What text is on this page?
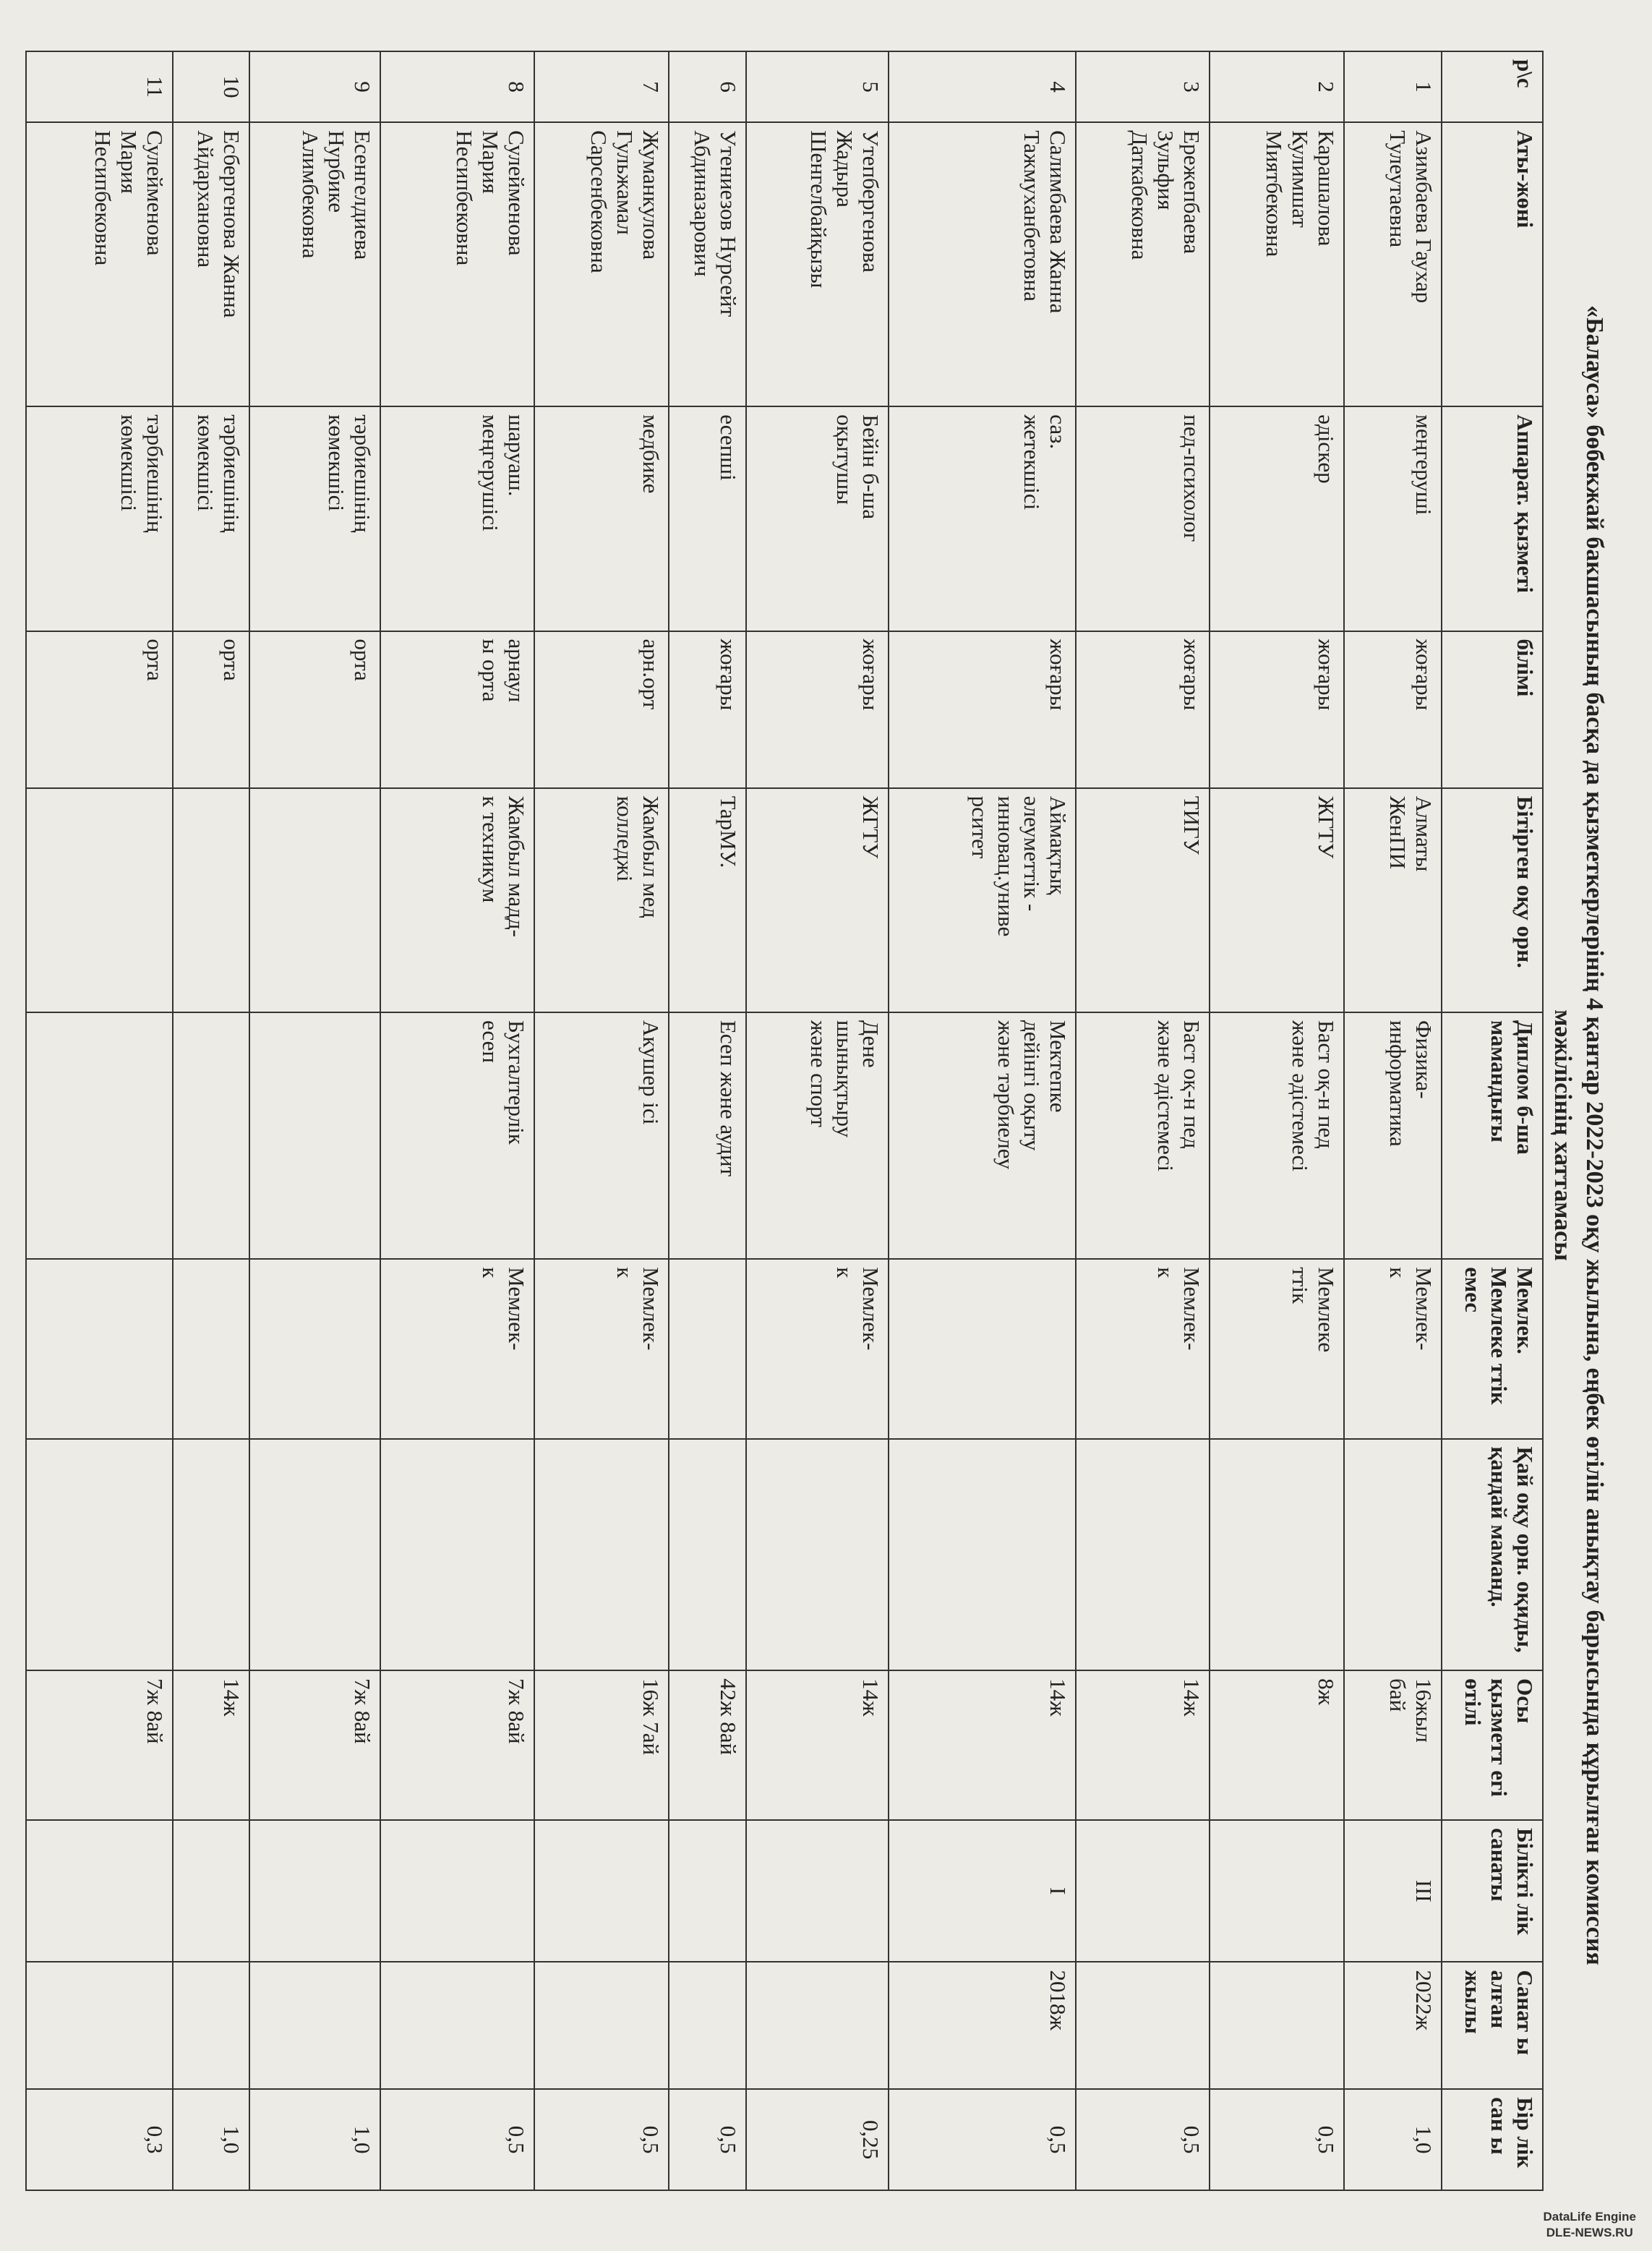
«Балауса» бөбекжай бакшасының басқа да қызметкерлерінің 4 қантар 2022-2023 оқу жылына, еңбек өтілін анықтау барысында құрылған комиссия
мәжілісінің хаттамасы
р\с	Аты-жөні	Аппарат. қызметі	білімі	Бітірген оқу орн.	Диплом б-ша мамандығы	Мемлек. Мемлеке ттік емес	Қай оқу орн. оқиды, қандай маманд.	Осы қызметт егі өтілі	Біліктi лік санаты	Санат ы алған жылы	Бір лік сан ы
1	Азимбаева Гаухар
Тулеутаевна	меңгеруші	жоғары	Алматы
ЖенПИ	Физика-
информатика	Мемлек-
к		16жыл
бай	III	2022ж	1,0
2	Карашалова
Кулимшат
Миятбековна	әдіскер	жоғары	ЖГТУ	Баст оқ-н пед
және әдістемесі	Мемлеке
ттік		8ж			0,5
3	Ережепбаева
Зульфия
Даткабековна	пед-психолог	жоғары	ТИГУ	Баст оқ-н пед
және әдістемесі	Мемлек-
к		14ж			0,5
4	Салимбаева Жанна
Тажмуханбетовна	саз.
жетекшісі	жоғары	Аймақтық
әлеуметтік -
инновац.униве
рситет	Мектепке
дейінгі оқыту
және тәрбиелеу			14ж	I	2018ж	0,5
5	Утепбергенова
Жадыра
Шенгелбайқызы	Бейін б-ша
оқытушы	жоғары	ЖГТУ	Дене
шынықтыру
және спорт	Мемлек-
к		14ж			0,25
6	Утениезов Нурсейт
Абдиназарович	есепші	жоғары	ТарМУ.	Есеп және аудит			42ж 8ай			0,5
7	Жуманкулова
Гульжамал
Сарсенбековна	медбике	арн.орт	Жамбыл мед
колледжі	Акушер ісі	Мемлек-
к		16ж 7ай			0,5
8	Сулейменова
Мария
Несипбековна	шаруаш.
меңгерушісі	арнаул
ы орта	Жамбыл мадд-
к техникум	Бухгалтерлік
есеп	Мемлек-
к		7ж 8ай			0,5
9	Есенгелдиева
Нурбике
Алимбековна	тәрбиешінің
көмекшісі	орта					7ж 8ай			1,0
10	Есбергенова Жанна
Айдархановна	тәрбиешінің
көмекшісі	орта					14ж			1,0
11	Сулейменова
Мария
Несипбековна	тәрбиешінің
көмекшісі	орта					7ж 8ай			0,3
DataLife Engine
DLE-NEWS.RU
